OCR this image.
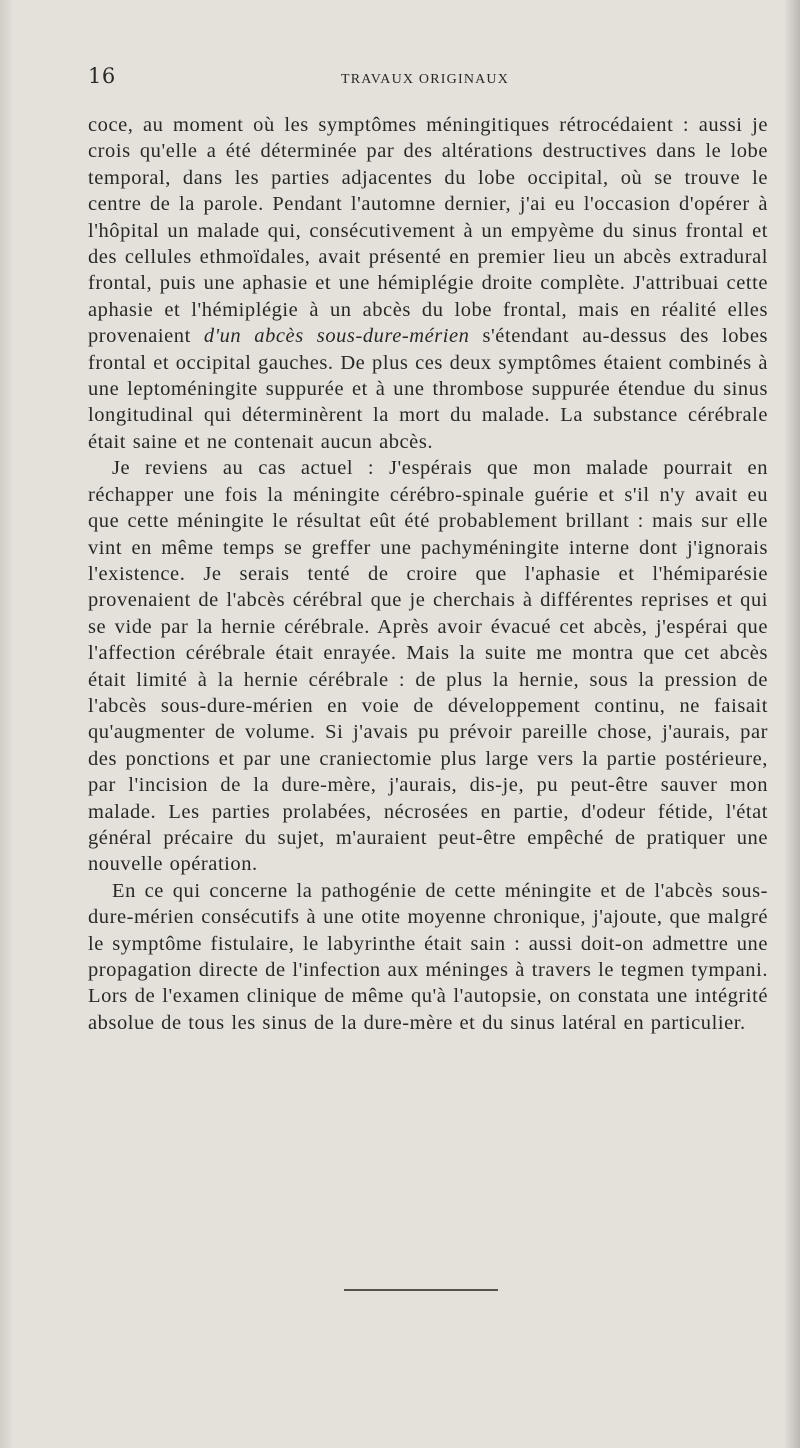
16	TRAVAUX ORIGINAUX

coce, au moment où les symptômes méningitiques rétrocédaient : aussi je crois qu'elle a été déterminée par des altérations destructives dans le lobe temporal, dans les parties adjacentes du lobe occipital, où se trouve le centre de la parole. Pendant l'automne dernier, j'ai eu l'occasion d'opérer à l'hôpital un malade qui, consécutivement à un empyème du sinus frontal et des cellules ethmoïdales, avait présenté en premier lieu un abcès extradural frontal, puis une aphasie et une hémiplégie droite complète. J'attribuai cette aphasie et l'hémiplégie à un abcès du lobe frontal, mais en réalité elles provenaient d'un abcès sous-dure-mérien s'étendant au-dessus des lobes frontal et occipital gauches. De plus ces deux symptômes étaient combinés à une leptoméningite suppurée et à une thrombose suppurée étendue du sinus longitudinal qui déterminèrent la mort du malade. La substance cérébrale était saine et ne contenait aucun abcès.

Je reviens au cas actuel : J'espérais que mon malade pourrait en réchapper une fois la méningite cérébro-spinale guérie et s'il n'y avait eu que cette méningite le résultat eût été probablement brillant : mais sur elle vint en même temps se greffer une pachyméningite interne dont j'ignorais l'existence. Je serais tenté de croire que l'aphasie et l'hémiparésie provenaient de l'abcès cérébral que je cherchais à différentes reprises et qui se vide par la hernie cérébrale. Après avoir évacué cet abcès, j'espérai que l'affection cérébrale était enrayée. Mais la suite me montra que cet abcès était limité à la hernie cérébrale : de plus la hernie, sous la pression de l'abcès sous-dure-mérien en voie de développement continu, ne faisait qu'augmenter de volume. Si j'avais pu prévoir pareille chose, j'aurais, par des ponctions et par une craniectomie plus large vers la partie postérieure, par l'incision de la dure-mère, j'aurais, dis-je, pu peut-être sauver mon malade. Les parties prolabées, nécrosées en partie, d'odeur fétide, l'état général précaire du sujet, m'auraient peut-être empêché de pratiquer une nouvelle opération.

En ce qui concerne la pathogénie de cette méningite et de l'abcès sous-dure-mérien consécutifs à une otite moyenne chronique, j'ajoute, que malgré le symptôme fistulaire, le labyrinthe était sain : aussi doit-on admettre une propagation directe de l'infection aux méninges à travers le tegmen tympani. Lors de l'examen clinique de même qu'à l'autopsie, on constata une intégrité absolue de tous les sinus de la dure-mère et du sinus latéral en particulier.
